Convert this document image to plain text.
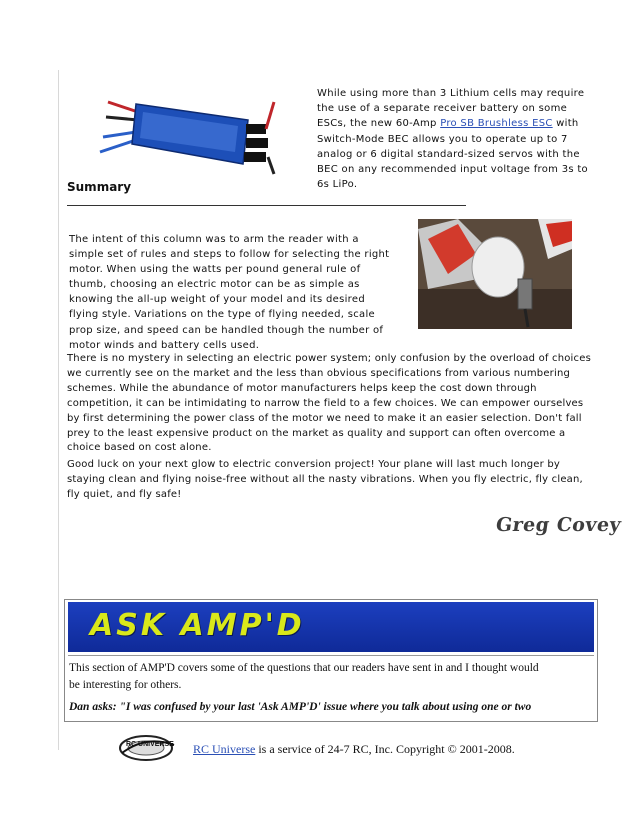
While using more than 3 Lithium cells may require
the use of a separate receiver battery on some
ESCs, the new 60-Amp Pro SB Brushless ESC with
Switch-Mode BEC allows you to operate up to 7
analog or 6 digital standard-sized servos with the
BEC on any recommended input voltage from 3s to
6s LiPo.
Summary
The intent of this column was to arm the reader with a
simple set of rules and steps to follow for selecting the right
motor. When using the watts per pound general rule of
thumb, choosing an electric motor can be as simple as
knowing the all-up weight of your model and its desired
flying style. Variations on the type of flying needed, scale
prop size, and speed can be handled though the number of
motor winds and battery cells used.

There is no mystery in selecting an electric power system; only confusion by the overload of choices
we currently see on the market and the less than obvious specifications from various numbering
schemes. While the abundance of motor manufacturers helps keep the cost down through
competition, it can be intimidating to narrow the field to a few choices. We can empower ourselves
by first determining the power class of the motor we need to make it an easier selection. Don't fall
prey to the least expensive product on the market as quality and support can often overcome a
choice based on cost alone.

Good luck on your next glow to electric conversion project! Your plane will last much longer by
staying clean and flying noise-free without all the nasty vibrations. When you fly electric, fly clean,
fly quiet, and fly safe!

Greg Covey
ASK AMP'D
This section of AMP'D covers some of the questions that our readers have sent in and I thought would
be interesting for others.
Dan asks: "I was confused by your last 'Ask AMP'D' issue where you talk about using one or two
RC UNIVERSE RC Universe is a service of 24-7 RC, Inc. Copyright © 2001-2008.
